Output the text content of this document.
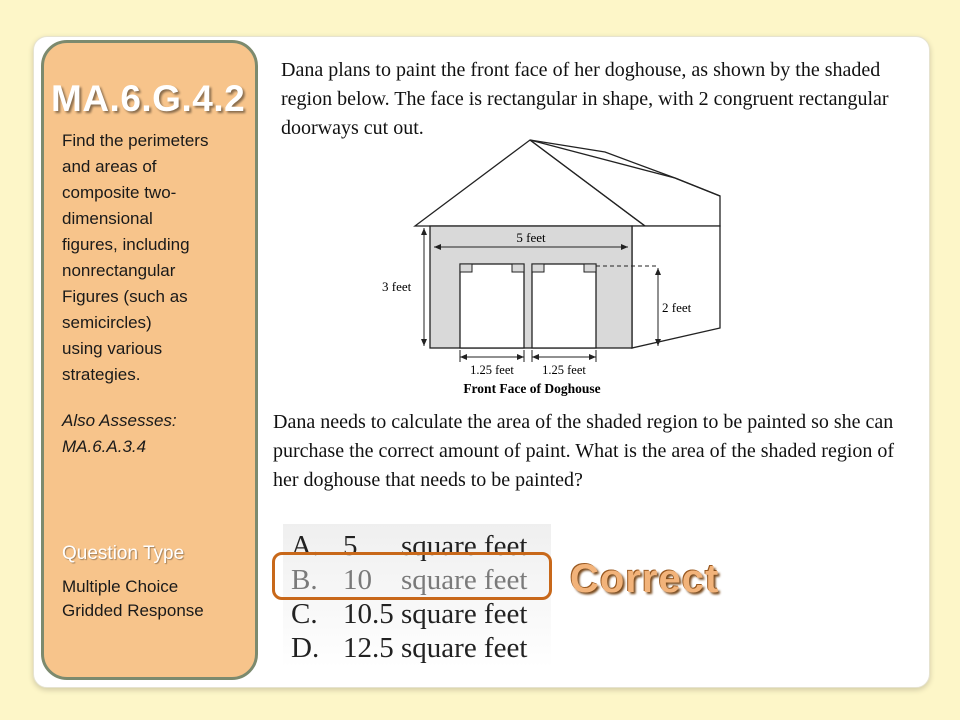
MA.6.G.4.2
Find the perimeters
and areas of
composite two-
dimensional
figures, including
nonrectangular
Figures (such as
semicircles)
using various
strategies.
Also Assesses:
MA.6.A.3.4
Question Type
Multiple Choice
Gridded Response
Dana plans to paint the front face of her doghouse, as shown by the shaded region below. The face is rectangular in shape, with 2 congruent rectangular doorways cut out.
5 feet
3 feet
2 feet
1.25 feet 1.25 feet
Front Face of Doghouse
Dana needs to calculate the area of the shaded region to be painted so she can purchase the correct amount of paint. What is the area of the shaded region of her doghouse that needs to be painted?
A. 5 square feet
B. 10 square feet
C. 10.5 square feet
D. 12.5 square feet
Correct
